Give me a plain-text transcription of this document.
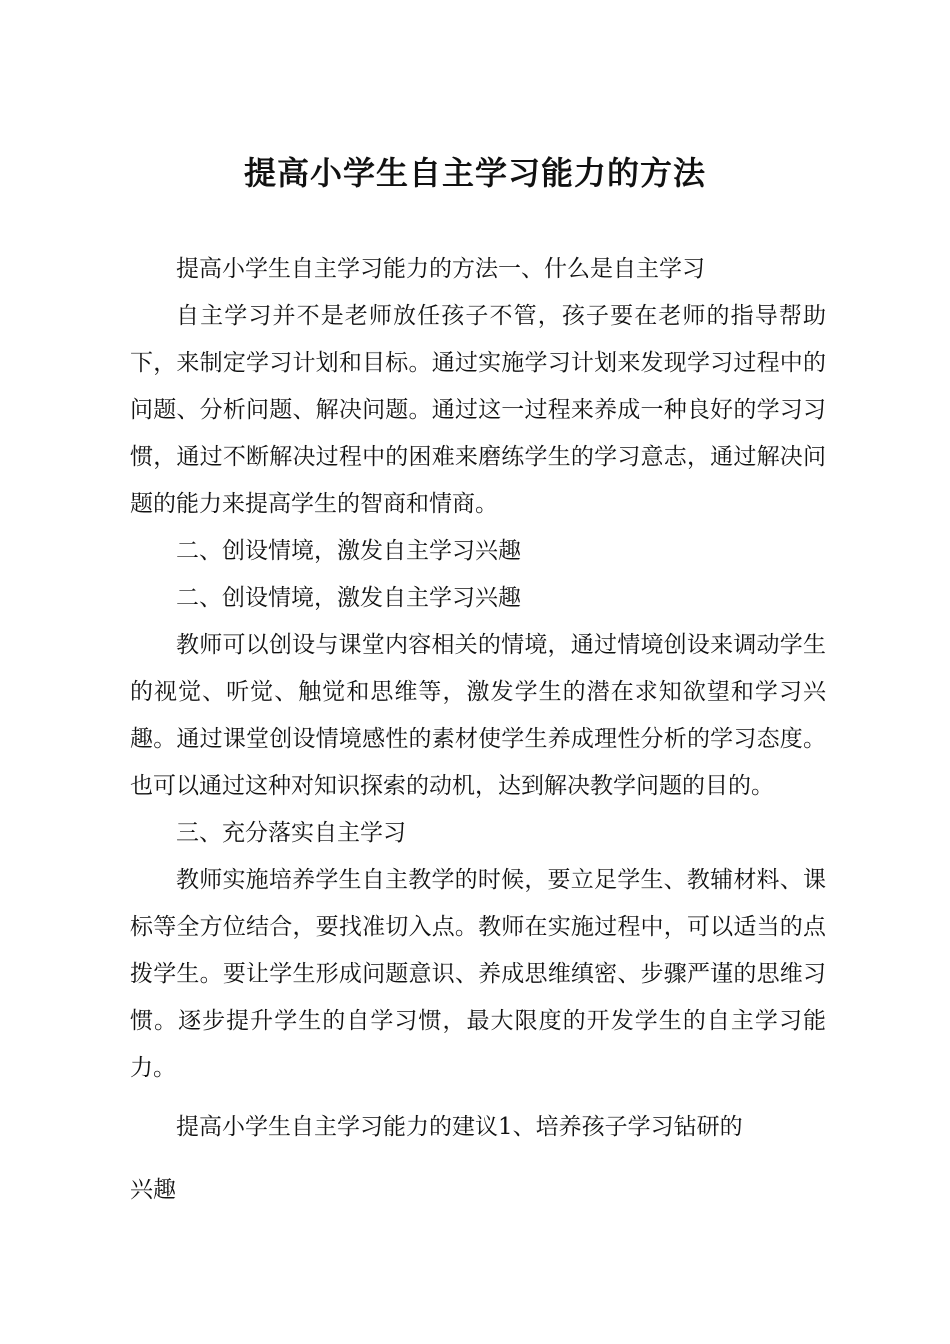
提高小学生自主学习能力的方法

提高小学生自主学习能力的方法一、什么是自主学习

自主学习并不是老师放任孩子不管，孩子要在老师的指导帮助下，来制定学习计划和目标。通过实施学习计划来发现学习过程中的问题、分析问题、解决问题。通过这一过程来养成一种良好的学习习惯，通过不断解决过程中的困难来磨练学生的学习意志，通过解决问题的能力来提高学生的智商和情商。

二、创设情境，激发自主学习兴趣

二、创设情境，激发自主学习兴趣

教师可以创设与课堂内容相关的情境，通过情境创设来调动学生的视觉、听觉、触觉和思维等，激发学生的潜在求知欲望和学习兴趣。通过课堂创设情境感性的素材使学生养成理性分析的学习态度。也可以通过这种对知识探索的动机，达到解决教学问题的目的。

三、充分落实自主学习

教师实施培养学生自主教学的时候，要立足学生、教辅材料、课标等全方位结合，要找准切入点。教师在实施过程中，可以适当的点拨学生。要让学生形成问题意识、养成思维缜密、步骤严谨的思维习惯。逐步提升学生的自学习惯，最大限度的开发学生的自主学习能力。

提高小学生自主学习能力的建议1、培养孩子学习钻研的

兴趣
